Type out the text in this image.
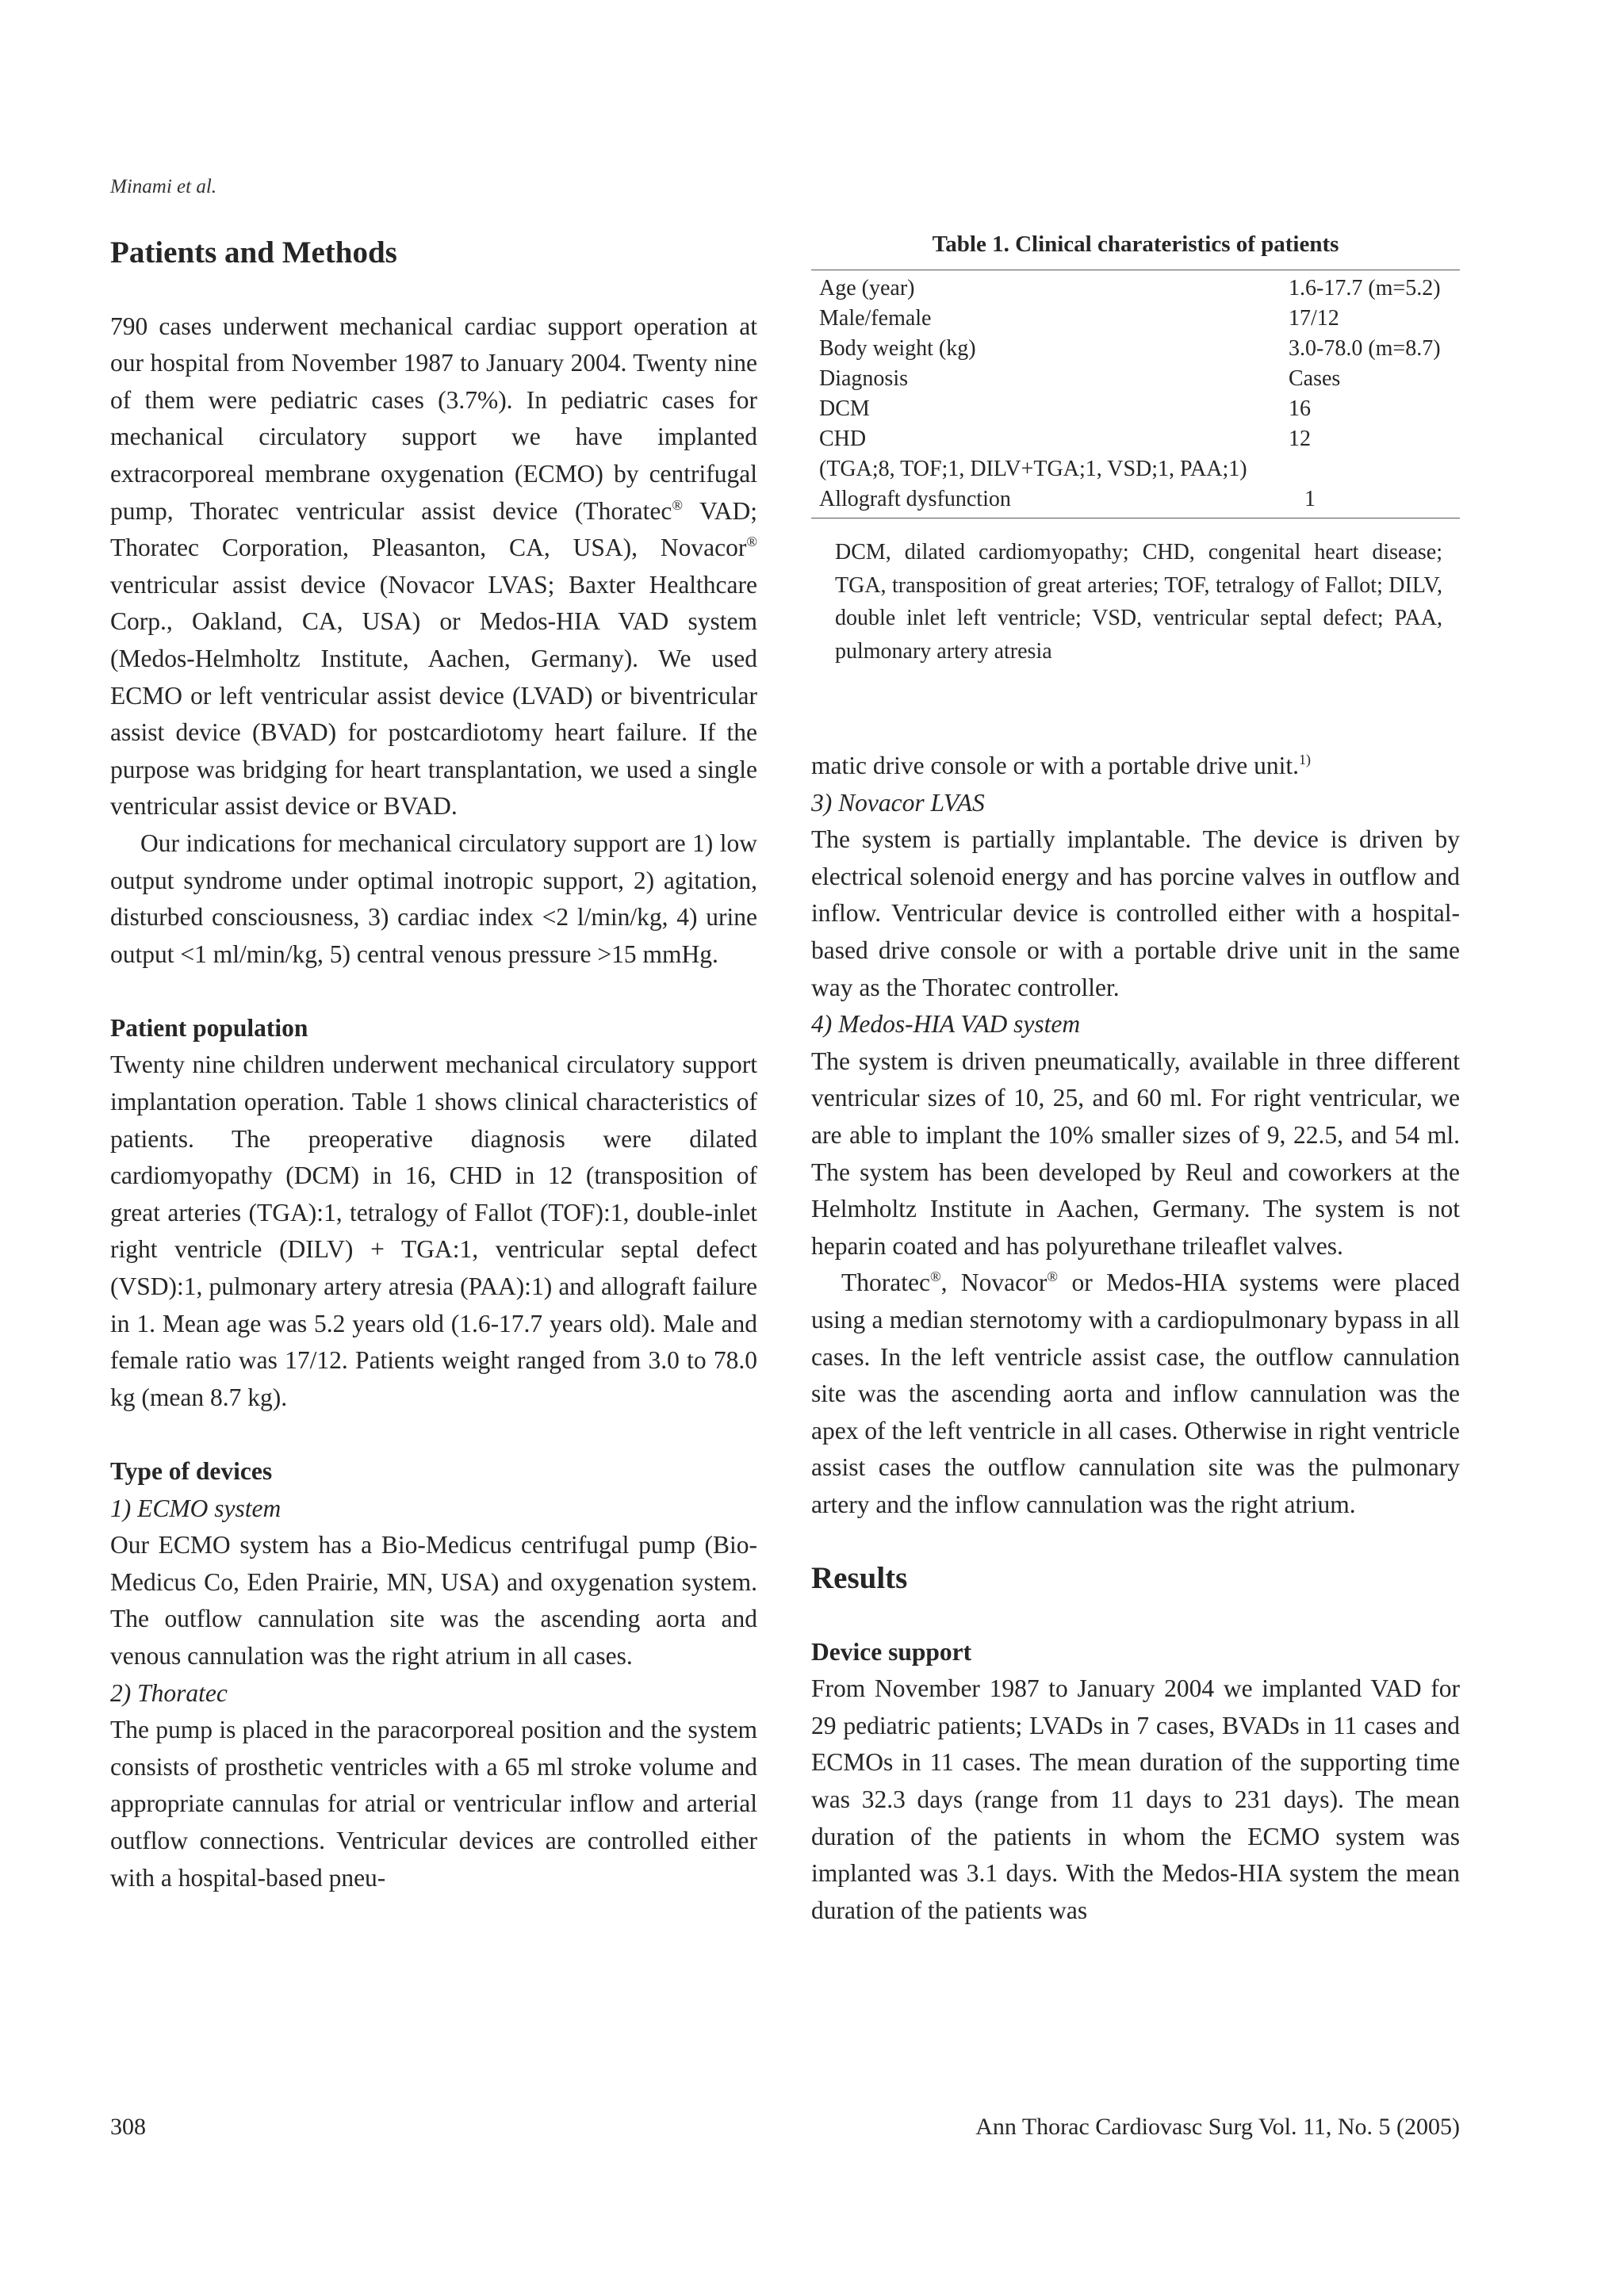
Minami et al.
Patients and Methods

790 cases underwent mechanical cardiac support operation at our hospital from November 1987 to January 2004. Twenty nine of them were pediatric cases (3.7%). In pediatric cases for mechanical circulatory support we have implanted extracorporeal membrane oxygenation (ECMO) by centrifugal pump, Thoratec ventricular assist device (Thoratec® VAD; Thoratec Corporation, Pleasanton, CA, USA), Novacor® ventricular assist device (Novacor LVAS; Baxter Healthcare Corp., Oakland, CA, USA) or Medos-HIA VAD system (Medos-Helmholtz Institute, Aachen, Germany). We used ECMO or left ventricular assist device (LVAD) or biventricular assist device (BVAD) for postcardiotomy heart failure. If the purpose was bridging for heart transplantation, we used a single ventricular assist device or BVAD.

Our indications for mechanical circulatory support are 1) low output syndrome under optimal inotropic support, 2) agitation, disturbed consciousness, 3) cardiac index <2 l/min/kg, 4) urine output <1 ml/min/kg, 5) central venous pressure >15 mmHg.

Patient population

Twenty nine children underwent mechanical circulatory support implantation operation. Table 1 shows clinical characteristics of patients. The preoperative diagnosis were dilated cardiomyopathy (DCM) in 16, CHD in 12 (transposition of great arteries (TGA):1, tetralogy of Fallot (TOF):1, double-inlet right ventricle (DILV) + TGA:1, ventricular septal defect (VSD):1, pulmonary artery atresia (PAA):1) and allograft failure in 1. Mean age was 5.2 years old (1.6-17.7 years old). Male and female ratio was 17/12. Patients weight ranged from 3.0 to 78.0 kg (mean 8.7 kg).

Type of devices

1) ECMO system

Our ECMO system has a Bio-Medicus centrifugal pump (Bio-Medicus Co, Eden Prairie, MN, USA) and oxygenation system. The outflow cannulation site was the ascending aorta and venous cannulation was the right atrium in all cases.

2) Thoratec

The pump is placed in the paracorporeal position and the system consists of prosthetic ventricles with a 65 ml stroke volume and appropriate cannulas for atrial or ventricular inflow and arterial outflow connections. Ventricular devices are controlled either with a hospital-based pneu-

Table 1. Clinical charateristics of patients
Age (year)	1.6-17.7 (m=5.2)
Male/female	17/12
Body weight (kg)	3.0-78.0 (m=8.7)
Diagnosis	Cases
DCM	16
CHD	12
(TGA;8, TOF;1, DILV+TGA;1, VSD;1, PAA;1)
Allograft dysfunction	1

DCM, dilated cardiomyopathy; CHD, congenital heart disease; TGA, transposition of great arteries; TOF, tetralogy of Fallot; DILV, double inlet left ventricle; VSD, ventricular septal defect; PAA, pulmonary artery atresia

matic drive console or with a portable drive unit.$^{1)}$

3) Novacor LVAS

The system is partially implantable. The device is driven by electrical solenoid energy and has porcine valves in outflow and inflow. Ventricular device is controlled either with a hospital-based drive console or with a portable drive unit in the same way as the Thoratec controller.

4) Medos-HIA VAD system

The system is driven pneumatically, available in three different ventricular sizes of 10, 25, and 60 ml. For right ventricular, we are able to implant the 10% smaller sizes of 9, 22.5, and 54 ml. The system has been developed by Reul and coworkers at the Helmholtz Institute in Aachen, Germany. The system is not heparin coated and has polyurethane trileaflet valves.

Thoratec®, Novacor® or Medos-HIA systems were placed using a median sternotomy with a cardiopulmonary bypass in all cases. In the left ventricle assist case, the outflow cannulation site was the ascending aorta and inflow cannulation was the apex of the left ventricle in all cases. Otherwise in right ventricle assist cases the outflow cannulation site was the pulmonary artery and the inflow cannulation was the right atrium.

Results
Device support

From November 1987 to January 2004 we implanted VAD for 29 pediatric patients; LVADs in 7 cases, BVADs in 11 cases and ECMOs in 11 cases. The mean duration of the supporting time was 32.3 days (range from 11 days to 231 days). The mean duration of the patients in whom the ECMO system was implanted was 3.1 days. With the Medos-HIA system the mean duration of the patients was

308	Ann Thorac Cardiovasc Surg Vol. 11, No. 5 (2005)
